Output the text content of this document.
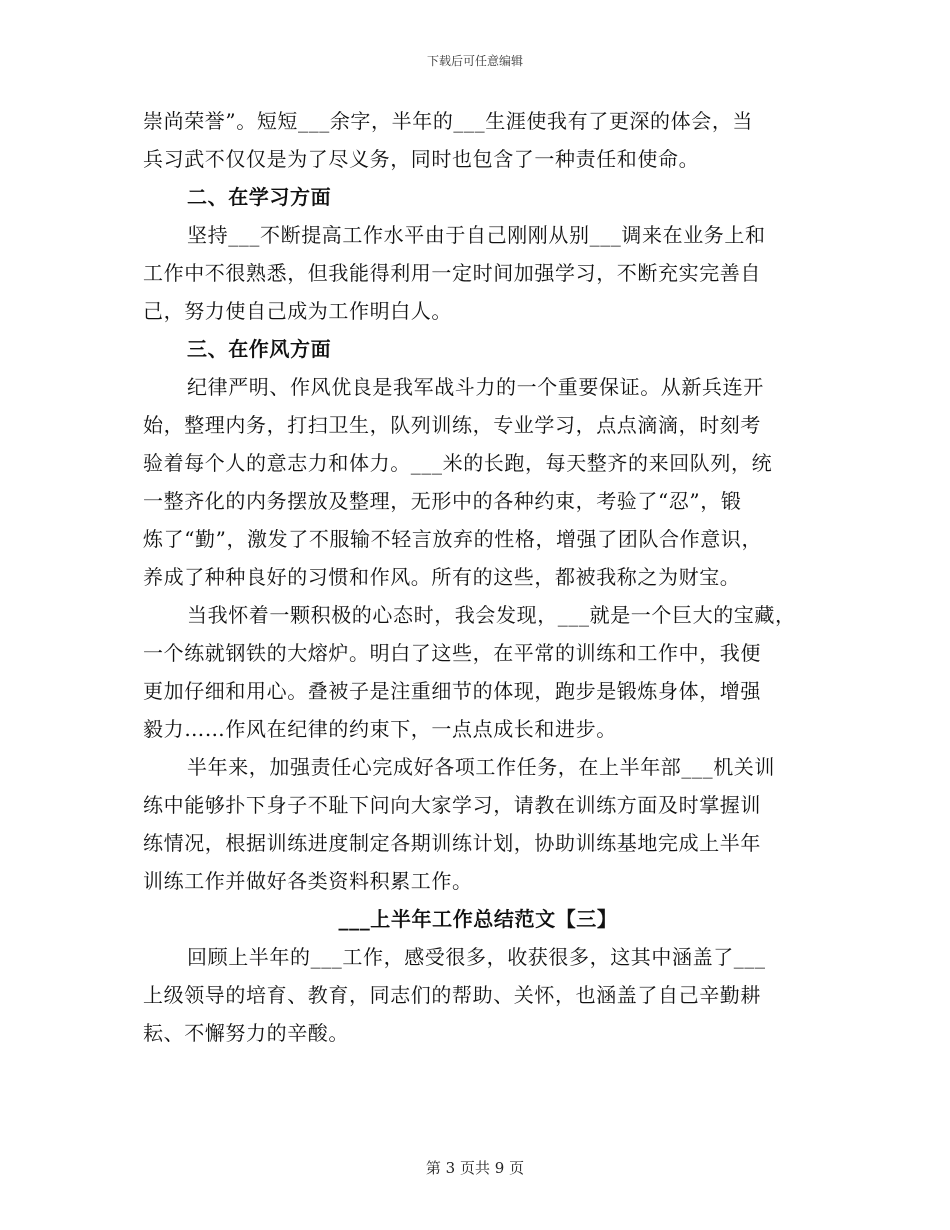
下载后可任意编辑
崇尚荣誉”。短短___余字，半年的___生涯使我有了更深的体会，当
兵习武不仅仅是为了尽义务，同时也包含了一种责任和使命。
二、在学习方面
坚持___不断提高工作水平由于自己刚刚从别___调来在业务上和
工作中不很熟悉，但我能得利用一定时间加强学习，不断充实完善自
己，努力使自己成为工作明白人。
三、在作风方面
纪律严明、作风优良是我军战斗力的一个重要保证。从新兵连开
始，整理内务，打扫卫生，队列训练，专业学习，点点滴滴，时刻考
验着每个人的意志力和体力。___米的长跑，每天整齐的来回队列，统
一整齐化的内务摆放及整理，无形中的各种约束，考验了“忍”，锻
炼了“勤”，激发了不服输不轻言放弃的性格，增强了团队合作意识，
养成了种种良好的习惯和作风。所有的这些，都被我称之为财宝。
当我怀着一颗积极的心态时，我会发现，___就是一个巨大的宝藏，
一个练就钢铁的大熔炉。明白了这些，在平常的训练和工作中，我便
更加仔细和用心。叠被子是注重细节的体现，跑步是锻炼身体，增强
毅力……作风在纪律的约束下，一点点成长和进步。
半年来，加强责任心完成好各项工作任务，在上半年部___机关训
练中能够扑下身子不耻下问向大家学习，请教在训练方面及时掌握训
练情况，根据训练进度制定各期训练计划，协助训练基地完成上半年
训练工作并做好各类资料积累工作。
___上半年工作总结范文【三】
回顾上半年的___工作，感受很多，收获很多，这其中涵盖了___
上级领导的培育、教育，同志们的帮助、关怀，也涵盖了自己辛勤耕
耘、不懈努力的辛酸。
第 3 页共 9 页
